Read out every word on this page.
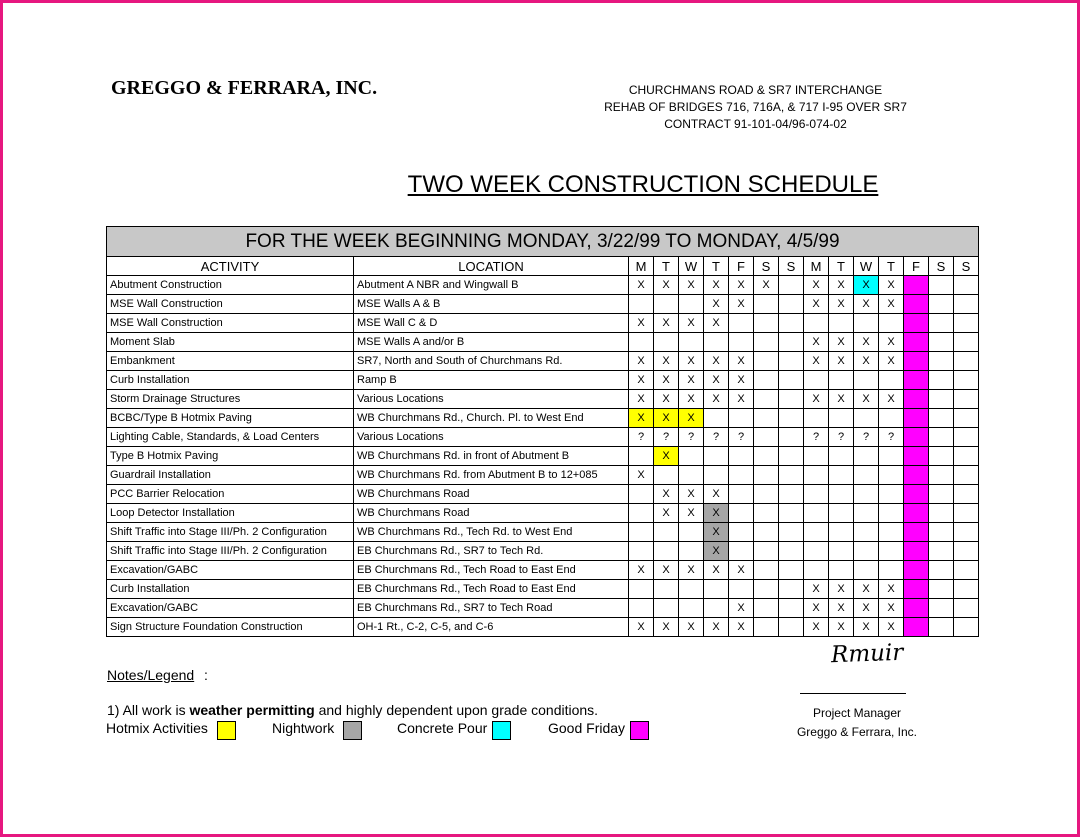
GREGGO & FERRARA, INC.	CHURCHMANS ROAD & SR7 INTERCHANGE
REHAB OF BRIDGES 716, 716A, & 717 I-95 OVER SR7
CONTRACT 91-101-04/96-074-02
TWO WEEK CONSTRUCTION SCHEDULE
FOR THE WEEK BEGINNING MONDAY, 3/22/99 TO MONDAY, 4/5/99															
ACTIVITY	LOCATION	M	T	W	T	F	S	S	M	T	W	T	F	S	S
Abutment Construction	Abutment A NBR and Wingwall B	X	X	X	X	X	X		X	X	X	X			
MSE Wall Construction	MSE Walls A & B				X	X			X	X	X	X			
MSE Wall Construction	MSE Wall C & D	X	X	X	X										
Moment Slab	MSE Walls A and/or B								X	X	X	X			
Embankment	SR7, North and South of Churchmans Rd.	X	X	X	X	X			X	X	X	X			
Curb Installation	Ramp B	X	X	X	X	X									
Storm Drainage Structures	Various Locations	X	X	X	X	X			X	X	X	X			
BCBC/Type B Hotmix Paving	WB Churchmans Rd., Church. Pl. to West End	X	X	X											
Lighting Cable, Standards, & Load Centers	Various Locations	?	?	?	?	?			?	?	?	?			
Type B Hotmix Paving	WB Churchmans Rd. in front of Abutment B		X												
Guardrail Installation	WB Churchmans Rd. from Abutment B to 12+085	X													
PCC Barrier Relocation	WB Churchmans Road		X	X	X										
Loop Detector Installation	WB Churchmans Road		X	X	X										
Shift Traffic into Stage III/Ph. 2 Configuration	WB Churchmans Rd., Tech Rd. to West End				X										
Shift Traffic into Stage III/Ph. 2 Configuration	EB Churchmans Rd., SR7 to Tech Rd.				X										
Excavation/GABC	EB Churchmans Rd., Tech Road to East End	X	X	X	X	X									
Curb Installation	EB Churchmans Rd., Tech Road to East End								X	X	X	X			
Excavation/GABC	EB Churchmans Rd., SR7 to Tech Road					X			X	X	X	X			
Sign Structure Foundation Construction	OH-1 Rt., C-2, C-5, and C-6	X	X	X	X	X			X	X	X	X			
Notes/Legend :
1) All work is weather permitting and highly dependent upon grade conditions.
Hotmix Activities	Nightwork	Concrete Pour	Good Friday
Rmuir
Project Manager
Greggo & Ferrara, Inc.
